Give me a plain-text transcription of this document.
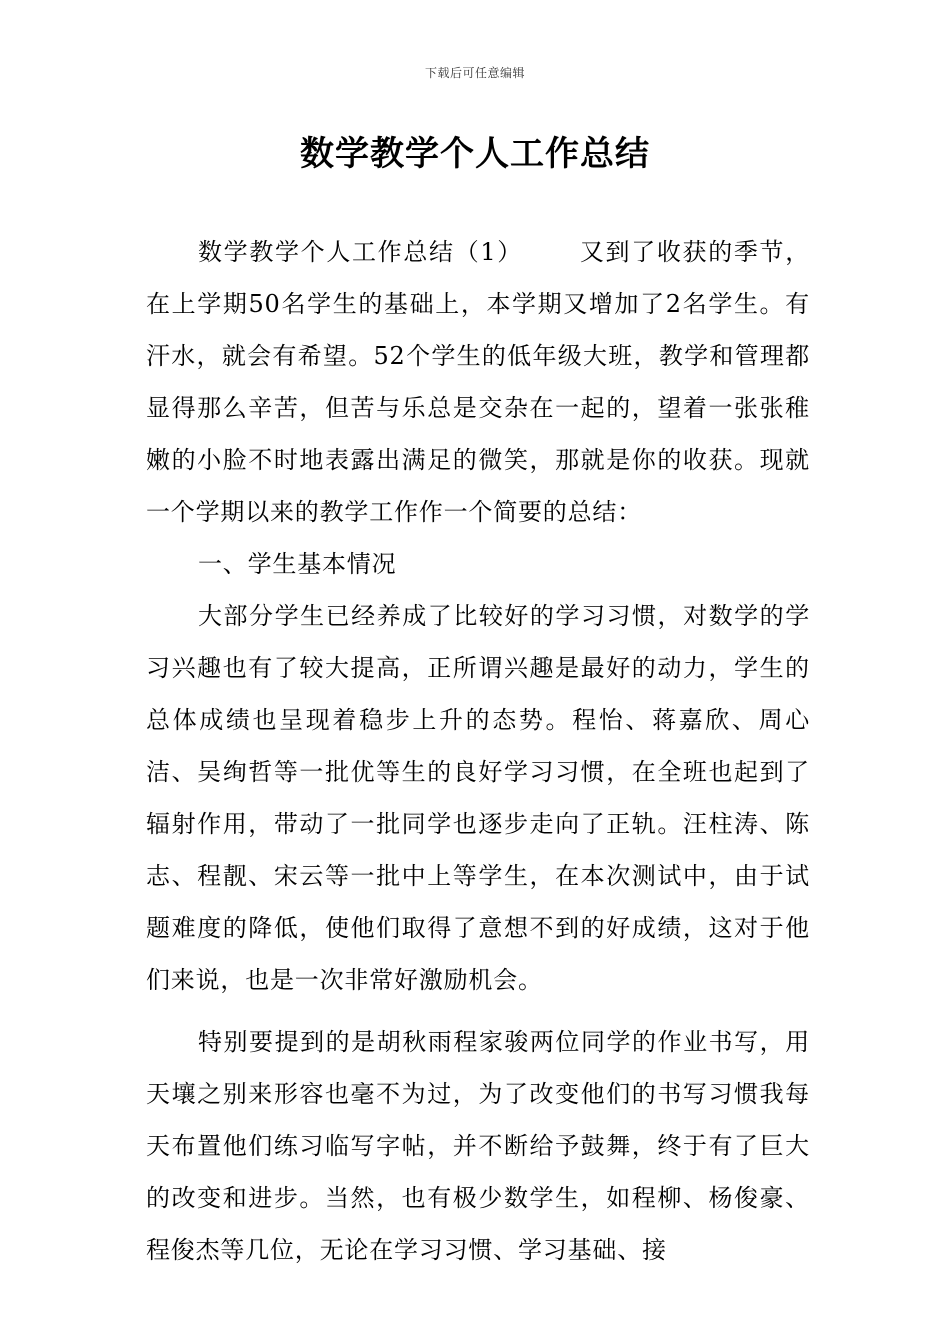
下载后可任意编辑
数学教学个人工作总结

数学教学个人工作总结（1） 又到了收获的季节，在上学期50名学生的基础上，本学期又增加了2名学生。有汗水，就会有希望。52个学生的低年级大班，教学和管理都显得那么辛苦，但苦与乐总是交杂在一起的，望着一张张稚嫩的小脸不时地表露出满足的微笑，那就是你的收获。现就一个学期以来的教学工作作一个简要的总结：

一、学生基本情况

大部分学生已经养成了比较好的学习习惯，对数学的学习兴趣也有了较大提高，正所谓兴趣是最好的动力，学生的总体成绩也呈现着稳步上升的态势。程怡、蒋嘉欣、周心洁、吴绚哲等一批优等生的良好学习习惯，在全班也起到了辐射作用，带动了一批同学也逐步走向了正轨。汪柱涛、陈志、程靓、宋云等一批中上等学生，在本次测试中，由于试题难度的降低，使他们取得了意想不到的好成绩，这对于他们来说，也是一次非常好激励机会。

特别要提到的是胡秋雨程家骏两位同学的作业书写，用天壤之别来形容也毫不为过，为了改变他们的书写习惯我每天布置他们练习临写字帖，并不断给予鼓舞，终于有了巨大的改变和进步。当然，也有极少数学生，如程柳、杨俊豪、程俊杰等几位，无论在学习习惯、学习基础、接
